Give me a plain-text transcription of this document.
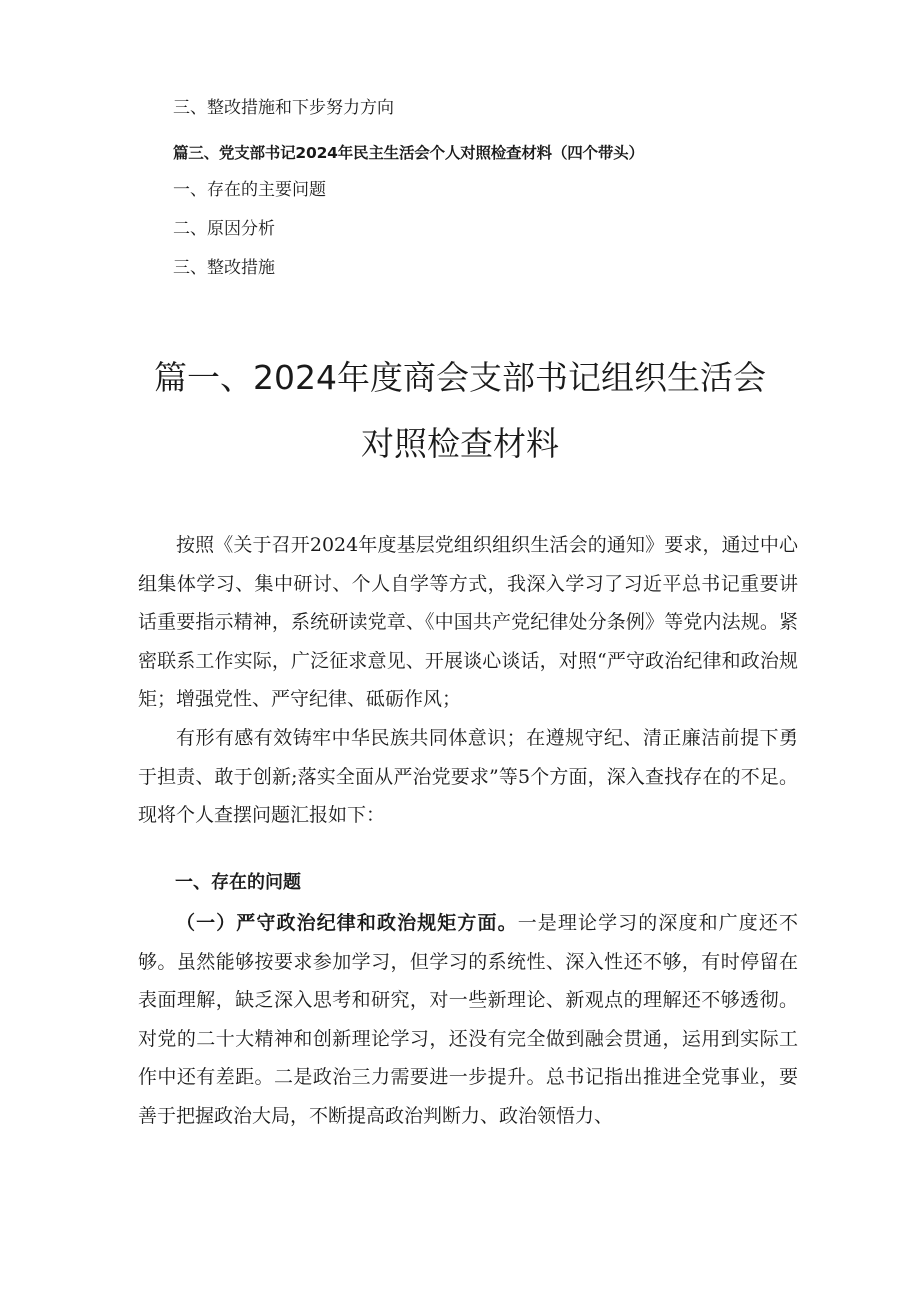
三、整改措施和下步努力方向
篇三、党支部书记2024年民主生活会个人对照检查材料（四个带头）
一、存在的主要问题
二、原因分析
三、整改措施
篇一、2024年度商会支部书记组织生活会
对照检查材料

按照《关于召开2024年度基层党组织组织生活会的通知》要求，通过中心组集体学习、集中研讨、个人自学等方式，我深入学习了习近平总书记重要讲话重要指示精神，系统研读党章、《中国共产党纪律处分条例》等党内法规。紧密联系工作实际，广泛征求意见、开展谈心谈话，对照“严守政治纪律和政治规矩；增强党性、严守纪律、砥砺作风；

有形有感有效铸牢中华民族共同体意识；在遵规守纪、清正廉洁前提下勇于担责、敢于创新;落实全面从严治党要求”等5个方面，深入查找存在的不足。现将个人查摆问题汇报如下：

一、存在的问题

（一）严守政治纪律和政治规矩方面。一是理论学习的深度和广度还不够。虽然能够按要求参加学习，但学习的系统性、深入性还不够，有时停留在表面理解，缺乏深入思考和研究，对一些新理论、新观点的理解还不够透彻。对党的二十大精神和创新理论学习，还没有完全做到融会贯通，运用到实际工作中还有差距。二是政治三力需要进一步提升。总书记指出推进全党事业，要善于把握政治大局，不断提高政治判断力、政治领悟力、
